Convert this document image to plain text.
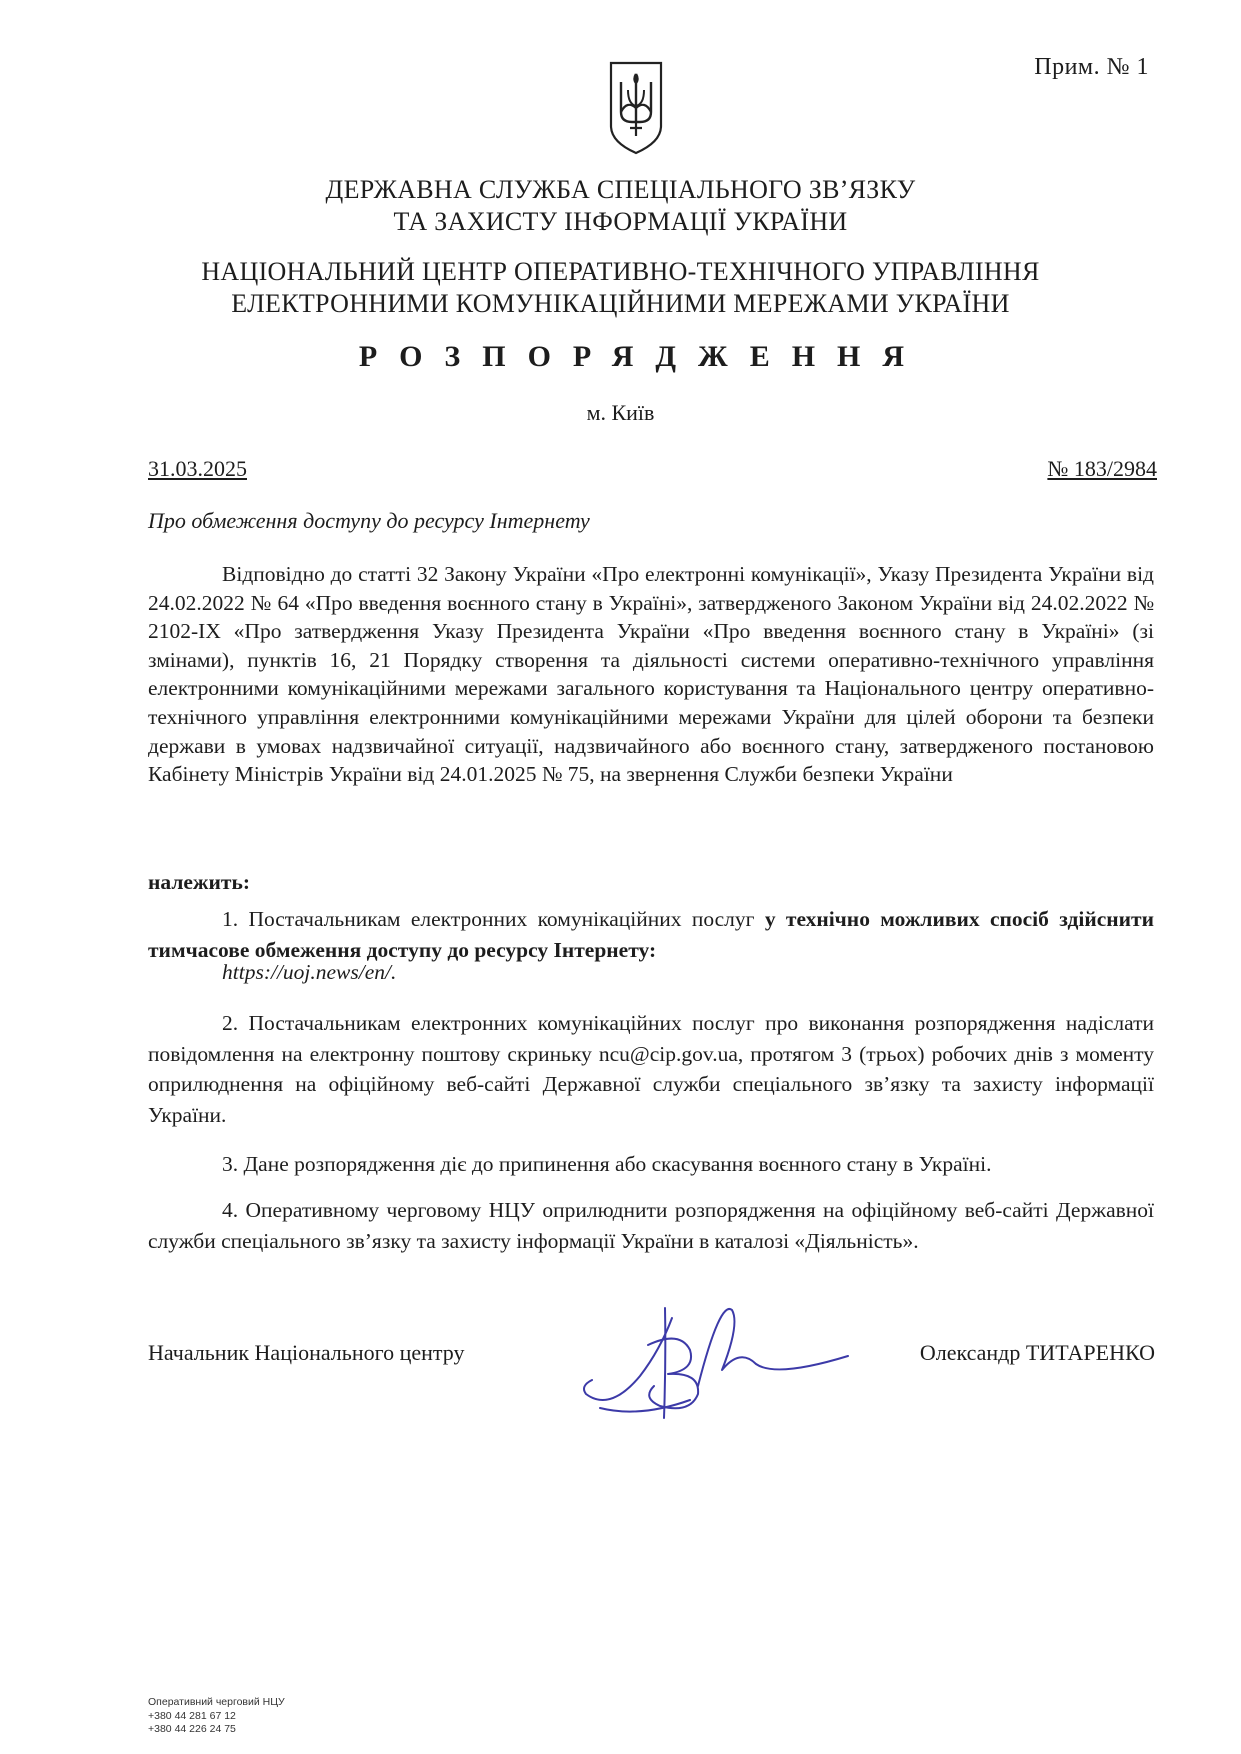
Прим. № 1
ДЕРЖАВНА СЛУЖБА СПЕЦІАЛЬНОГО ЗВ’ЯЗКУ
ТА ЗАХИСТУ ІНФОРМАЦІЇ УКРАЇНИ
НАЦІОНАЛЬНИЙ ЦЕНТР ОПЕРАТИВНО-ТЕХНІЧНОГО УПРАВЛІННЯ
ЕЛЕКТРОННИМИ КОМУНІКАЦІЙНИМИ МЕРЕЖАМИ УКРАЇНИ
РОЗПОРЯДЖЕННЯ
м. Київ
31.03.2025	№ 183/2984
Про обмеження доступу до ресурсу Інтернету
Відповідно до статті 32 Закону України «Про електронні комунікації», Указу Президента України від 24.02.2022 № 64 «Про введення воєнного стану в Україні», затвердженого Законом України від 24.02.2022 № 2102-IX «Про затвердження Указу Президента України «Про введення воєнного стану в Україні» (зі змінами), пунктів 16, 21 Порядку створення та діяльності системи оперативно-технічного управління електронними комунікаційними мережами загального користування та Національного центру оперативно-технічного управління електронними комунікаційними мережами України для цілей оборони та безпеки держави в умовах надзвичайної ситуації, надзвичайного або воєнного стану, затвердженого постановою Кабінету Міністрів України від 24.01.2025 № 75, на звернення Служби безпеки України
належить:
1. Постачальникам електронних комунікаційних послуг у технічно можливих спосіб здійснити тимчасове обмеження доступу до ресурсу Інтернету:
https://uoj.news/en/.
2. Постачальникам електронних комунікаційних послуг про виконання розпорядження надіслати повідомлення на електронну поштову скриньку ncu@cip.gov.ua, протягом 3 (трьох) робочих днів з моменту оприлюднення на офіційному веб-сайті Державної служби спеціального зв’язку та захисту інформації України.
3. Дане розпорядження діє до припинення або скасування воєнного стану в Україні.
4. Оперативному черговому НЦУ оприлюднити розпорядження на офіційному веб-сайті Державної служби спеціального зв’язку та захисту інформації України в каталозі «Діяльність».
Начальник Національного центру	Олександр ТИТАРЕНКО
Оперативний черговий НЦУ
+380 44 281 67 12
+380 44 226 24 75
